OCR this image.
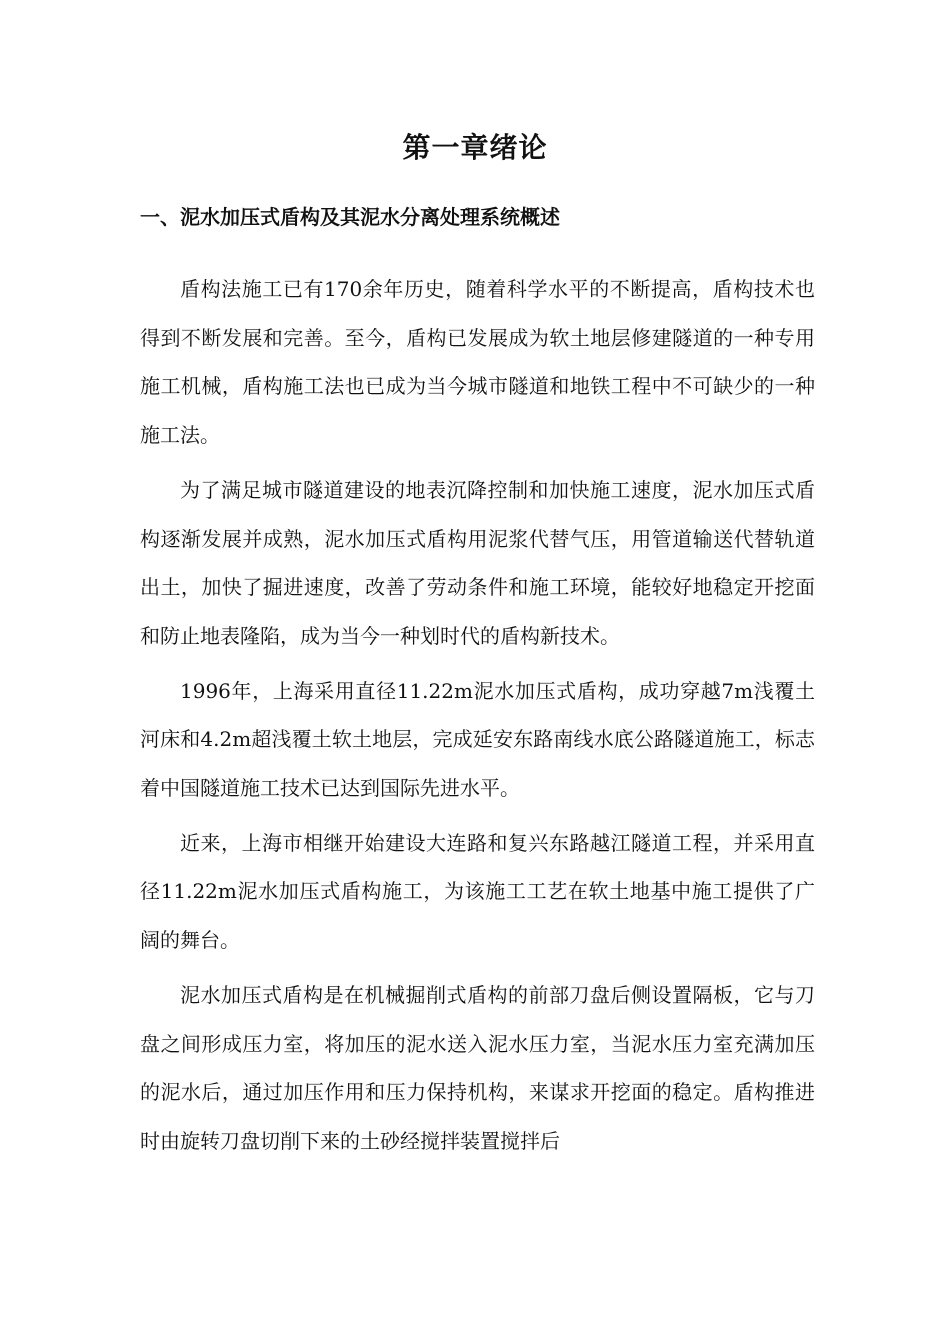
第一章绪论
一、泥水加压式盾构及其泥水分离处理系统概述

盾构法施工已有170余年历史，随着科学水平的不断提高，盾构技术也得到不断发展和完善。至今，盾构已发展成为软土地层修建隧道的一种专用施工机械，盾构施工法也已成为当今城市隧道和地铁工程中不可缺少的一种施工法。

为了满足城市隧道建设的地表沉降控制和加快施工速度，泥水加压式盾构逐渐发展并成熟，泥水加压式盾构用泥浆代替气压，用管道输送代替轨道出土，加快了掘进速度，改善了劳动条件和施工环境，能较好地稳定开挖面和防止地表隆陷，成为当今一种划时代的盾构新技术。

1996年，上海采用直径11.22m泥水加压式盾构，成功穿越7m浅覆土河床和4.2m超浅覆土软土地层，完成延安东路南线水底公路隧道施工，标志着中国隧道施工技术已达到国际先进水平。

近来，上海市相继开始建设大连路和复兴东路越江隧道工程，并采用直径11.22m泥水加压式盾构施工，为该施工工艺在软土地基中施工提供了广阔的舞台。

泥水加压式盾构是在机械掘削式盾构的前部刀盘后侧设置隔板，它与刀盘之间形成压力室，将加压的泥水送入泥水压力室，当泥水压力室充满加压的泥水后，通过加压作用和压力保持机构，来谋求开挖面的稳定。盾构推进时由旋转刀盘切削下来的土砂经搅拌装置搅拌后
